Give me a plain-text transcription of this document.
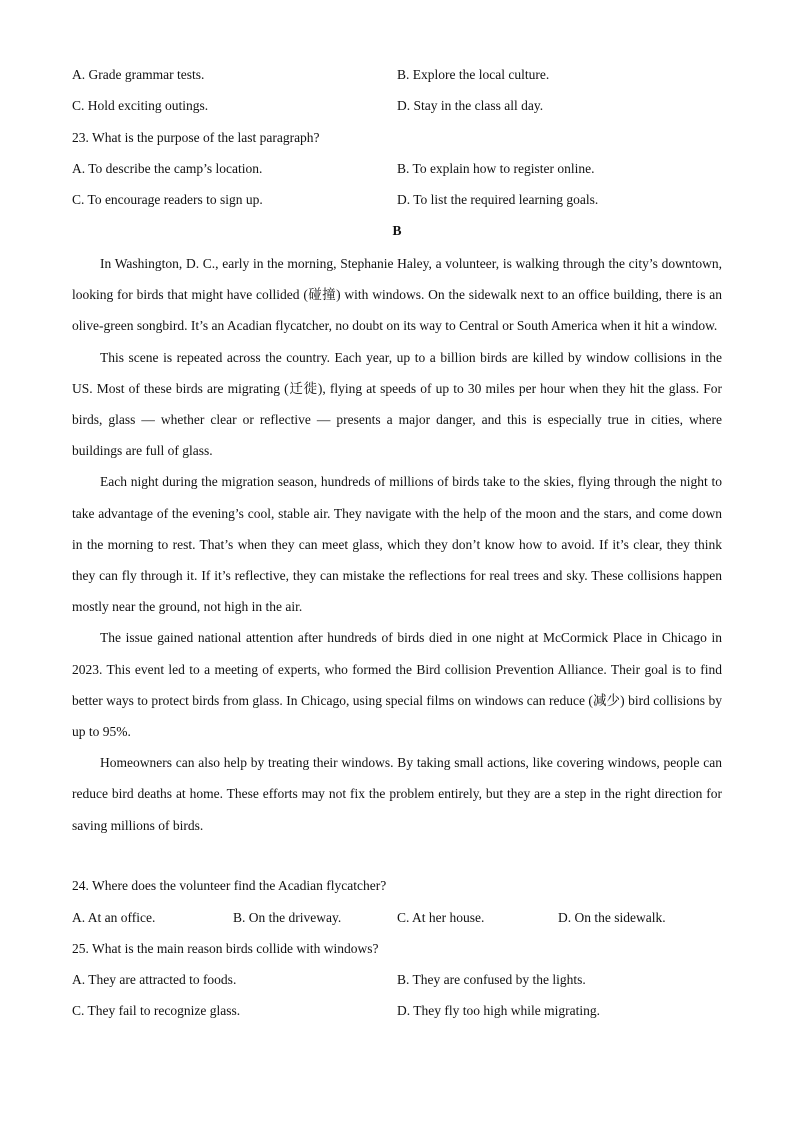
A. Grade grammar tests.	B. Explore the local culture.
C. Hold exciting outings.	D. Stay in the class all day.
23. What is the purpose of the last paragraph?
A. To describe the camp’s location.	B. To explain how to register online.
C. To encourage readers to sign up.	D. To list the required learning goals.
B

In Washington, D. C., early in the morning, Stephanie Haley, a volunteer, is walking through the city’s downtown, looking for birds that might have collided (碰撞) with windows. On the sidewalk next to an office building, there is an olive-green songbird. It’s an Acadian flycatcher, no doubt on its way to Central or South America when it hit a window.

This scene is repeated across the country. Each year, up to a billion birds are killed by window collisions in the US. Most of these birds are migrating (迁徙), flying at speeds of up to 30 miles per hour when they hit the glass. For birds, glass — whether clear or reflective — presents a major danger, and this is especially true in cities, where buildings are full of glass.

Each night during the migration season, hundreds of millions of birds take to the skies, flying through the night to take advantage of the evening’s cool, stable air. They navigate with the help of the moon and the stars, and come down in the morning to rest. That’s when they can meet glass, which they don’t know how to avoid. If it’s clear, they think they can fly through it. If it’s reflective, they can mistake the reflections for real trees and sky. These collisions happen mostly near the ground, not high in the air.

The issue gained national attention after hundreds of birds died in one night at McCormick Place in Chicago in 2023. This event led to a meeting of experts, who formed the Bird collision Prevention Alliance. Their goal is to find better ways to protect birds from glass. In Chicago, using special films on windows can reduce (减少) bird collisions by up to 95%.

Homeowners can also help by treating their windows. By taking small actions, like covering windows, people can reduce bird deaths at home. These efforts may not fix the problem entirely, but they are a step in the right direction for saving millions of birds.

24. Where does the volunteer find the Acadian flycatcher?
A. At an office.	B. On the driveway.	C. At her house.	D. On the sidewalk.
25. What is the main reason birds collide with windows?
A. They are attracted to foods.	B. They are confused by the lights.
C. They fail to recognize glass.	D. They fly too high while migrating.
